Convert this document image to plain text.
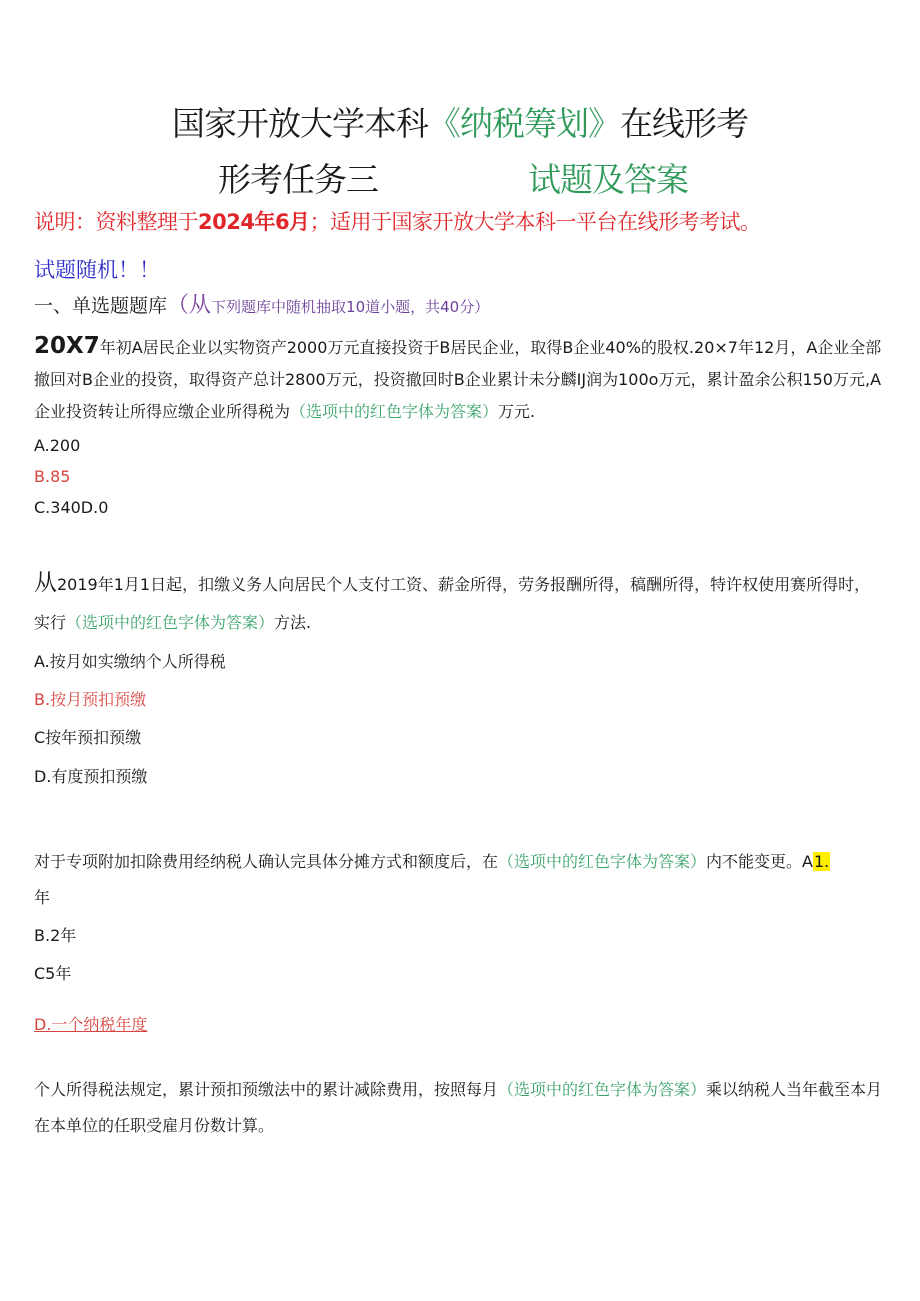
国家开放大学本科《纳税筹划》在线形考
形考任务三	试题及答案
说明：资料整理于2024年6月；适用于国家开放大学本科一平台在线形考考试。
试题随机！！
一、单选题题库（从下列题库中随机抽取10道小题，共40分）
20X7年初A居民企业以实物资产2000万元直接投资于B居民企业，取得B企业40%的股权.20×7年12月，A企业全部撤回对B企业的投资，取得资产总计2800万元，投资撤回时B企业累计未分麟IJ润为100o万元，累计盈余公积150万元,A企业投资转让所得应缴企业所得税为（选项中的红色字体为答案）万元.
A.200
B.85
C.340D.0
从2019年1月1日起，扣缴义务人向居民个人支付工资、薪金所得，劳务报酬所得，稿酬所得，特许权使用赛所得时，实行（选项中的红色字体为答案）方法.
A.按月如实缴纳个人所得税
B.按月预扣预缴
C按年预扣预缴
D.有度预扣预缴
对于专项附加扣除费用经纳税人确认完具体分摊方式和额度后，在（选项中的红色字体为答案）内不能变更。A1.
年
B.2年
C5年
D.一个纳税年度
个人所得税法规定，累计预扣预缴法中的累计减除费用，按照每月（选项中的红色字体为答案）乘以纳税人当年截至本月在本单位的任职受雇月份数计算。
